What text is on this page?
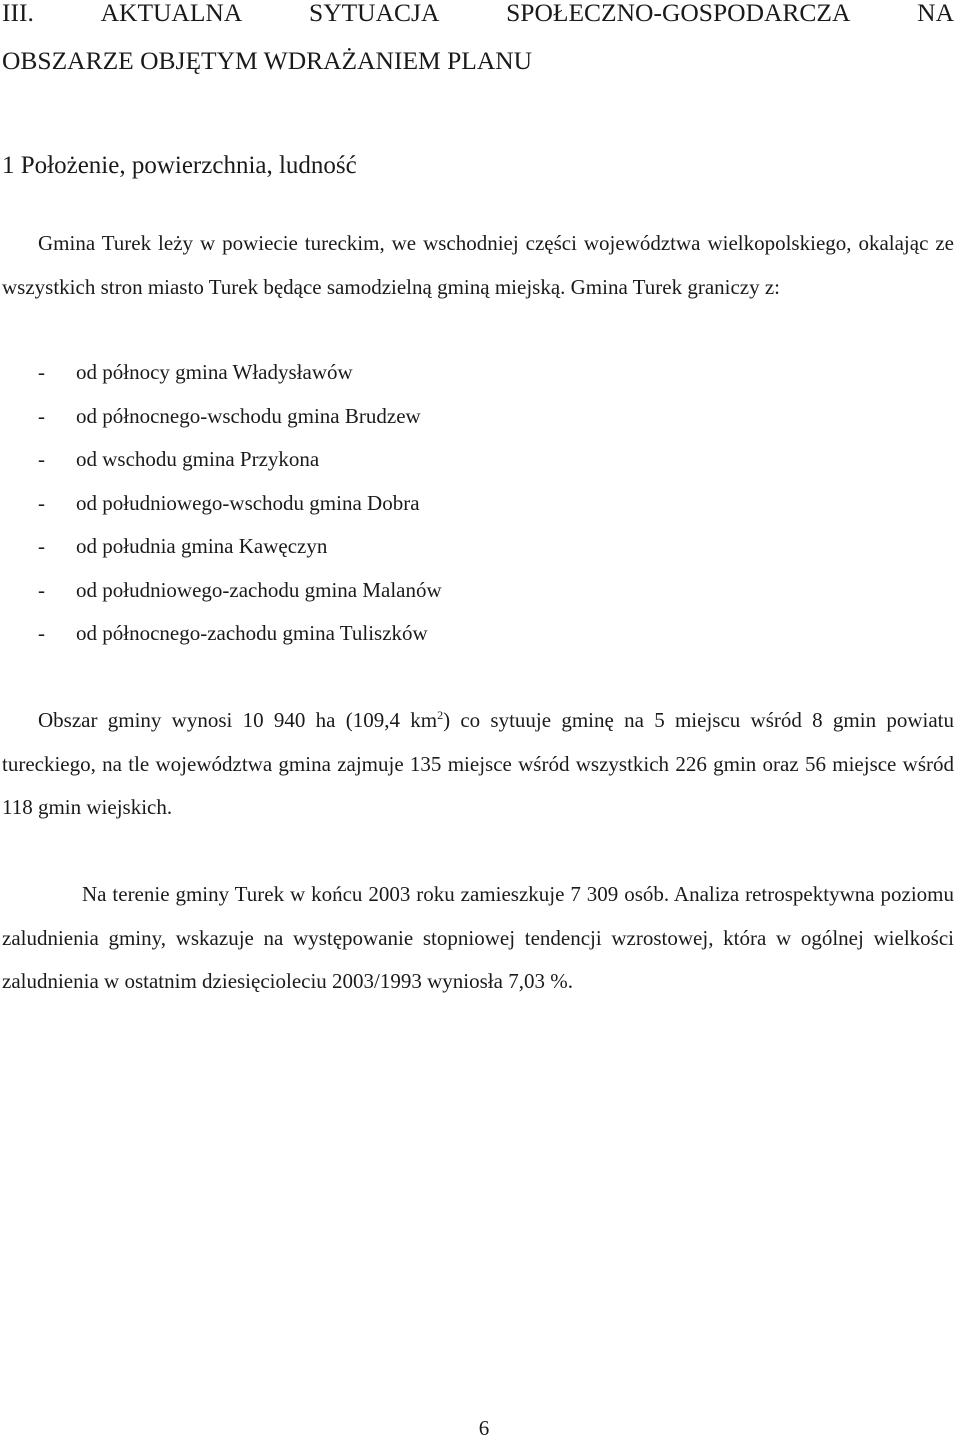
III. AKTUALNA SYTUACJA SPOŁECZNO-GOSPODARCZA NA
OBSZARZE OBJĘTYM WDRAŻANIEM PLANU
1 Położenie, powierzchnia, ludność

Gmina Turek leży w powiecie tureckim, we wschodniej części województwa wielkopolskiego, okalając ze wszystkich stron miasto Turek będące samodzielną gminą miejską. Gmina Turek graniczy z:

- od północy gmina Władysławów
- od północnego-wschodu gmina Brudzew
- od wschodu gmina Przykona
- od południowego-wschodu gmina Dobra
- od południa gmina Kawęczyn
- od południowego-zachodu gmina Malanów
- od północnego-zachodu gmina Tuliszków

Obszar gminy wynosi 10 940 ha (109,4 $km^2$) co sytuuje gminę na 5 miejscu wśród 8 gmin powiatu tureckiego, na tle województwa gmina zajmuje 135 miejsce wśród wszystkich 226 gmin oraz 56 miejsce wśród 118 gmin wiejskich.

Na terenie gminy Turek w końcu 2003 roku zamieszkuje 7 309 osób. Analiza retrospektywna poziomu zaludnienia gminy, wskazuje na występowanie stopniowej tendencji wzrostowej, która w ogólnej wielkości zaludnienia w ostatnim dziesięcioleciu 2003/1993 wyniosła 7,03 %.

6
